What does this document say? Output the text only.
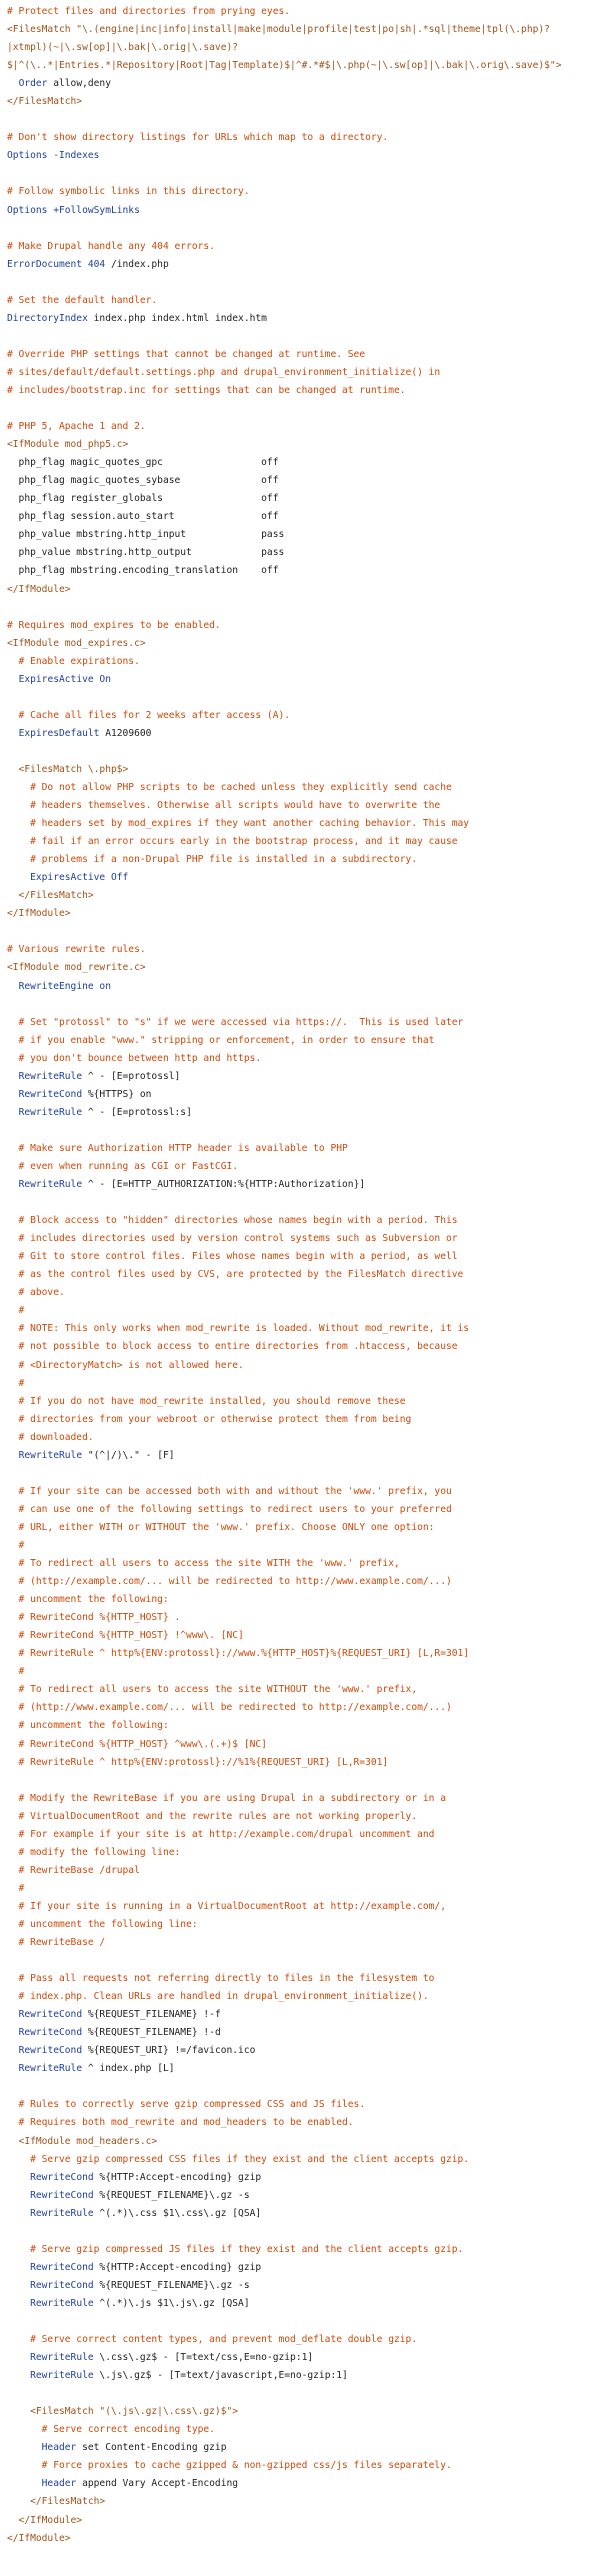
# Protect files and directories from prying eyes.
<FilesMatch "\.(engine|inc|info|install|make|module|profile|test|po|sh|.*sql|theme|tpl(\.php)?
|xtmpl)(~|\.sw[op]|\.bak|\.orig|\.save)?
$|^(\..*|Entries.*|Repository|Root|Tag|Template)$|^#.*#$|\.php(~|\.sw[op]|\.bak|\.orig\.save)$">
Order allow,deny
</FilesMatch>

# Don't show directory listings for URLs which map to a directory.
Options -Indexes

# Follow symbolic links in this directory.
Options +FollowSymLinks

# Make Drupal handle any 404 errors.
ErrorDocument 404 /index.php

# Set the default handler.
DirectoryIndex index.php index.html index.htm

# Override PHP settings that cannot be changed at runtime. See
# sites/default/default.settings.php and drupal_environment_initialize() in
# includes/bootstrap.inc for settings that can be changed at runtime.

# PHP 5, Apache 1 and 2.
<IfModule mod_php5.c>
php_flag magic_quotes_gpc                 off
php_flag magic_quotes_sybase              off
php_flag register_globals                 off
php_flag session.auto_start               off
php_value mbstring.http_input             pass
php_value mbstring.http_output            pass
php_flag mbstring.encoding_translation    off
</IfModule>

# Requires mod_expires to be enabled.
<IfModule mod_expires.c>
# Enable expirations.
ExpiresActive On

# Cache all files for 2 weeks after access (A).
ExpiresDefault A1209600

<FilesMatch \.php$>
# Do not allow PHP scripts to be cached unless they explicitly send cache
# headers themselves. Otherwise all scripts would have to overwrite the
# headers set by mod_expires if they want another caching behavior. This may
# fail if an error occurs early in the bootstrap process, and it may cause
# problems if a non-Drupal PHP file is installed in a subdirectory.
ExpiresActive Off
</FilesMatch>
</IfModule>

# Various rewrite rules.
<IfModule mod_rewrite.c>
RewriteEngine on

# Set "protossl" to "s" if we were accessed via https://.  This is used later
# if you enable "www." stripping or enforcement, in order to ensure that
# you don't bounce between http and https.
RewriteRule ^ - [E=protossl]
RewriteCond %{HTTPS} on
RewriteRule ^ - [E=protossl:s]

# Make sure Authorization HTTP header is available to PHP
# even when running as CGI or FastCGI.
RewriteRule ^ - [E=HTTP_AUTHORIZATION:%{HTTP:Authorization}]

# Block access to "hidden" directories whose names begin with a period. This
# includes directories used by version control systems such as Subversion or
# Git to store control files. Files whose names begin with a period, as well
# as the control files used by CVS, are protected by the FilesMatch directive
# above.
#
# NOTE: This only works when mod_rewrite is loaded. Without mod_rewrite, it is
# not possible to block access to entire directories from .htaccess, because
# <DirectoryMatch> is not allowed here.
#
# If you do not have mod_rewrite installed, you should remove these
# directories from your webroot or otherwise protect them from being
# downloaded.
RewriteRule "(^|/)\." - [F]

# If your site can be accessed both with and without the 'www.' prefix, you
# can use one of the following settings to redirect users to your preferred
# URL, either WITH or WITHOUT the 'www.' prefix. Choose ONLY one option:
#
# To redirect all users to access the site WITH the 'www.' prefix,
# (http://example.com/... will be redirected to http://www.example.com/...)
# uncomment the following:
# RewriteCond %{HTTP_HOST} .
# RewriteCond %{HTTP_HOST} !^www\. [NC]
# RewriteRule ^ http%{ENV:protossl}://www.%{HTTP_HOST}%{REQUEST_URI} [L,R=301]
#
# To redirect all users to access the site WITHOUT the 'www.' prefix,
# (http://www.example.com/... will be redirected to http://example.com/...)
# uncomment the following:
# RewriteCond %{HTTP_HOST} ^www\.(.+)$ [NC]
# RewriteRule ^ http%{ENV:protossl}://%1%{REQUEST_URI} [L,R=301]

# Modify the RewriteBase if you are using Drupal in a subdirectory or in a
# VirtualDocumentRoot and the rewrite rules are not working properly.
# For example if your site is at http://example.com/drupal uncomment and
# modify the following line:
# RewriteBase /drupal
#
# If your site is running in a VirtualDocumentRoot at http://example.com/,
# uncomment the following line:
# RewriteBase /

# Pass all requests not referring directly to files in the filesystem to
# index.php. Clean URLs are handled in drupal_environment_initialize().
RewriteCond %{REQUEST_FILENAME} !-f
RewriteCond %{REQUEST_FILENAME} !-d
RewriteCond %{REQUEST_URI} !=/favicon.ico
RewriteRule ^ index.php [L]

# Rules to correctly serve gzip compressed CSS and JS files.
# Requires both mod_rewrite and mod_headers to be enabled.
<IfModule mod_headers.c>
# Serve gzip compressed CSS files if they exist and the client accepts gzip.
RewriteCond %{HTTP:Accept-encoding} gzip
RewriteCond %{REQUEST_FILENAME}\.gz -s
RewriteRule ^(.*)\.css $1\.css\.gz [QSA]

# Serve gzip compressed JS files if they exist and the client accepts gzip.
RewriteCond %{HTTP:Accept-encoding} gzip
RewriteCond %{REQUEST_FILENAME}\.gz -s
RewriteRule ^(.*)\.js $1\.js\.gz [QSA]

# Serve correct content types, and prevent mod_deflate double gzip.
RewriteRule \.css\.gz$ - [T=text/css,E=no-gzip:1]
RewriteRule \.js\.gz$ - [T=text/javascript,E=no-gzip:1]

<FilesMatch "(\.js\.gz|\.css\.gz)$">
# Serve correct encoding type.
Header set Content-Encoding gzip
# Force proxies to cache gzipped & non-gzipped css/js files separately.
Header append Vary Accept-Encoding
</FilesMatch>
</IfModule>
</IfModule>
